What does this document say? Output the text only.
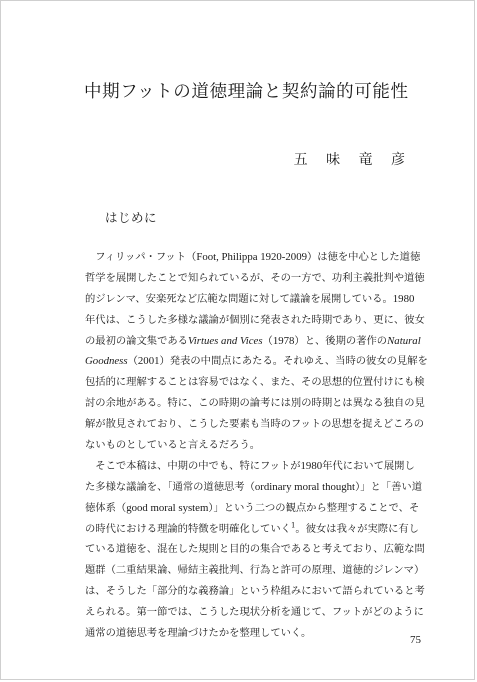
中期フットの道徳理論と契約論的可能性
五 味 竜 彦
はじめに
　フィリッパ・フット（Foot, Philippa 1920-2009）は徳を中心とした道徳
哲学を展開したことで知られているが、その一方で、功利主義批判や道徳
的ジレンマ、安楽死など広範な問題に対して議論を展開している。1980
年代は、こうした多様な議論が個別に発表された時期であり、更に、彼女
の最初の論文集であるVirtues and Vices（1978）と、後期の著作のNatural
Goodness（2001）発表の中間点にあたる。それゆえ、当時の彼女の見解を
包括的に理解することは容易ではなく、また、その思想的位置付けにも検
討の余地がある。特に、この時期の論考には別の時期とは異なる独自の見
解が散見されており、こうした要素も当時のフットの思想を捉えどころの
ないものとしていると言えるだろう。
　そこで本稿は、中期の中でも、特にフットが1980年代において展開し
た多様な議論を、「通常の道徳思考（ordinary moral thought）」と「善い道
徳体系（good moral system）」という二つの観点から整理することで、そ
の時代における理論的特徴を明確化していく$^1$。彼女は我々が実際に有し
ている道徳を、混在した規則と目的の集合であると考えており、広範な問
題群（二重結果論、帰結主義批判、行為と許可の原理、道徳的ジレンマ）
は、そうした「部分的な義務論」という枠組みにおいて語られていると考
えられる。第一節では、こうした現状分析を通じて、フットがどのように
通常の道徳思考を理論づけたかを整理していく。
75
